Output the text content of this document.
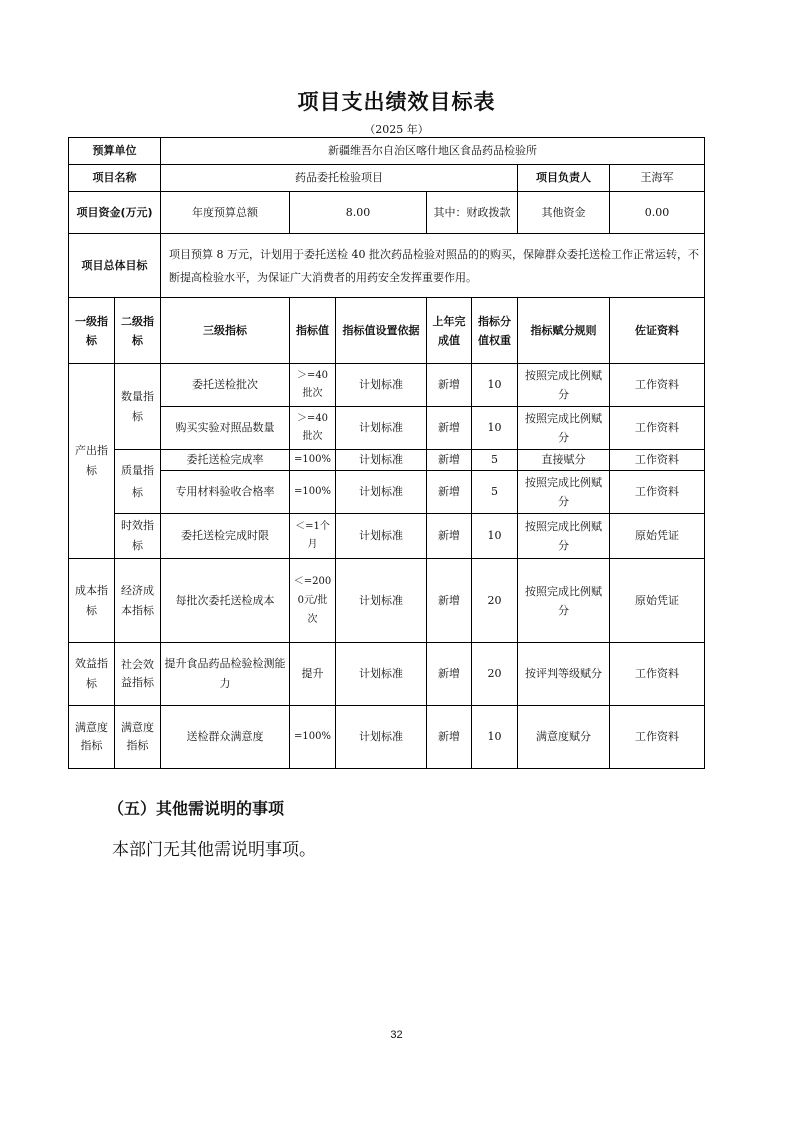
项目支出绩效目标表
（2025 年）
预算单位		新疆维吾尔自治区喀什地区食品药品检验所						
项目名称		药品委托检验项目					项目负责人	王海军
项目资金(万元)		年度预算总额	8.00		其中：财政拨款		其他资金	0.00
项目总体目标		项目预算 8 万元，计划用于委托送检 40 批次药品检验对照品的的购买，保障群众委托送检工作正常运转，不断提高检验水平，为保证广大消费者的用药安全发挥重要作用。						
一级指标	二级指标	三级指标	指标值	指标值设置依据	上年完成值	指标分值权重	指标赋分规则	佐证资料
产出指标	数量指标	委托送检批次	＞=40批次	计划标准	新增	10	按照完成比例赋分	工作资料
		购买实验对照品数量	＞=40批次	计划标准	新增	10	按照完成比例赋分	工作资料
	质量指标	委托送检完成率	=100%	计划标准	新增	5	直接赋分	工作资料
		专用材料验收合格率	=100%	计划标准	新增	5	按照完成比例赋分	工作资料
	时效指标	委托送检完成时限	＜=1个月	计划标准	新增	10	按照完成比例赋分	原始凭证
成本指标	经济成本指标	每批次委托送检成本	＜=2000元/批次	计划标准	新增	20	按照完成比例赋分	原始凭证
效益指标	社会效益指标	提升食品药品检验检测能力	提升	计划标准	新增	20	按评判等级赋分	工作资料
满意度指标	满意度指标	送检群众满意度	=100%	计划标准	新增	10	满意度赋分	工作资料
（五）其他需说明的事项
本部门无其他需说明事项。
32
